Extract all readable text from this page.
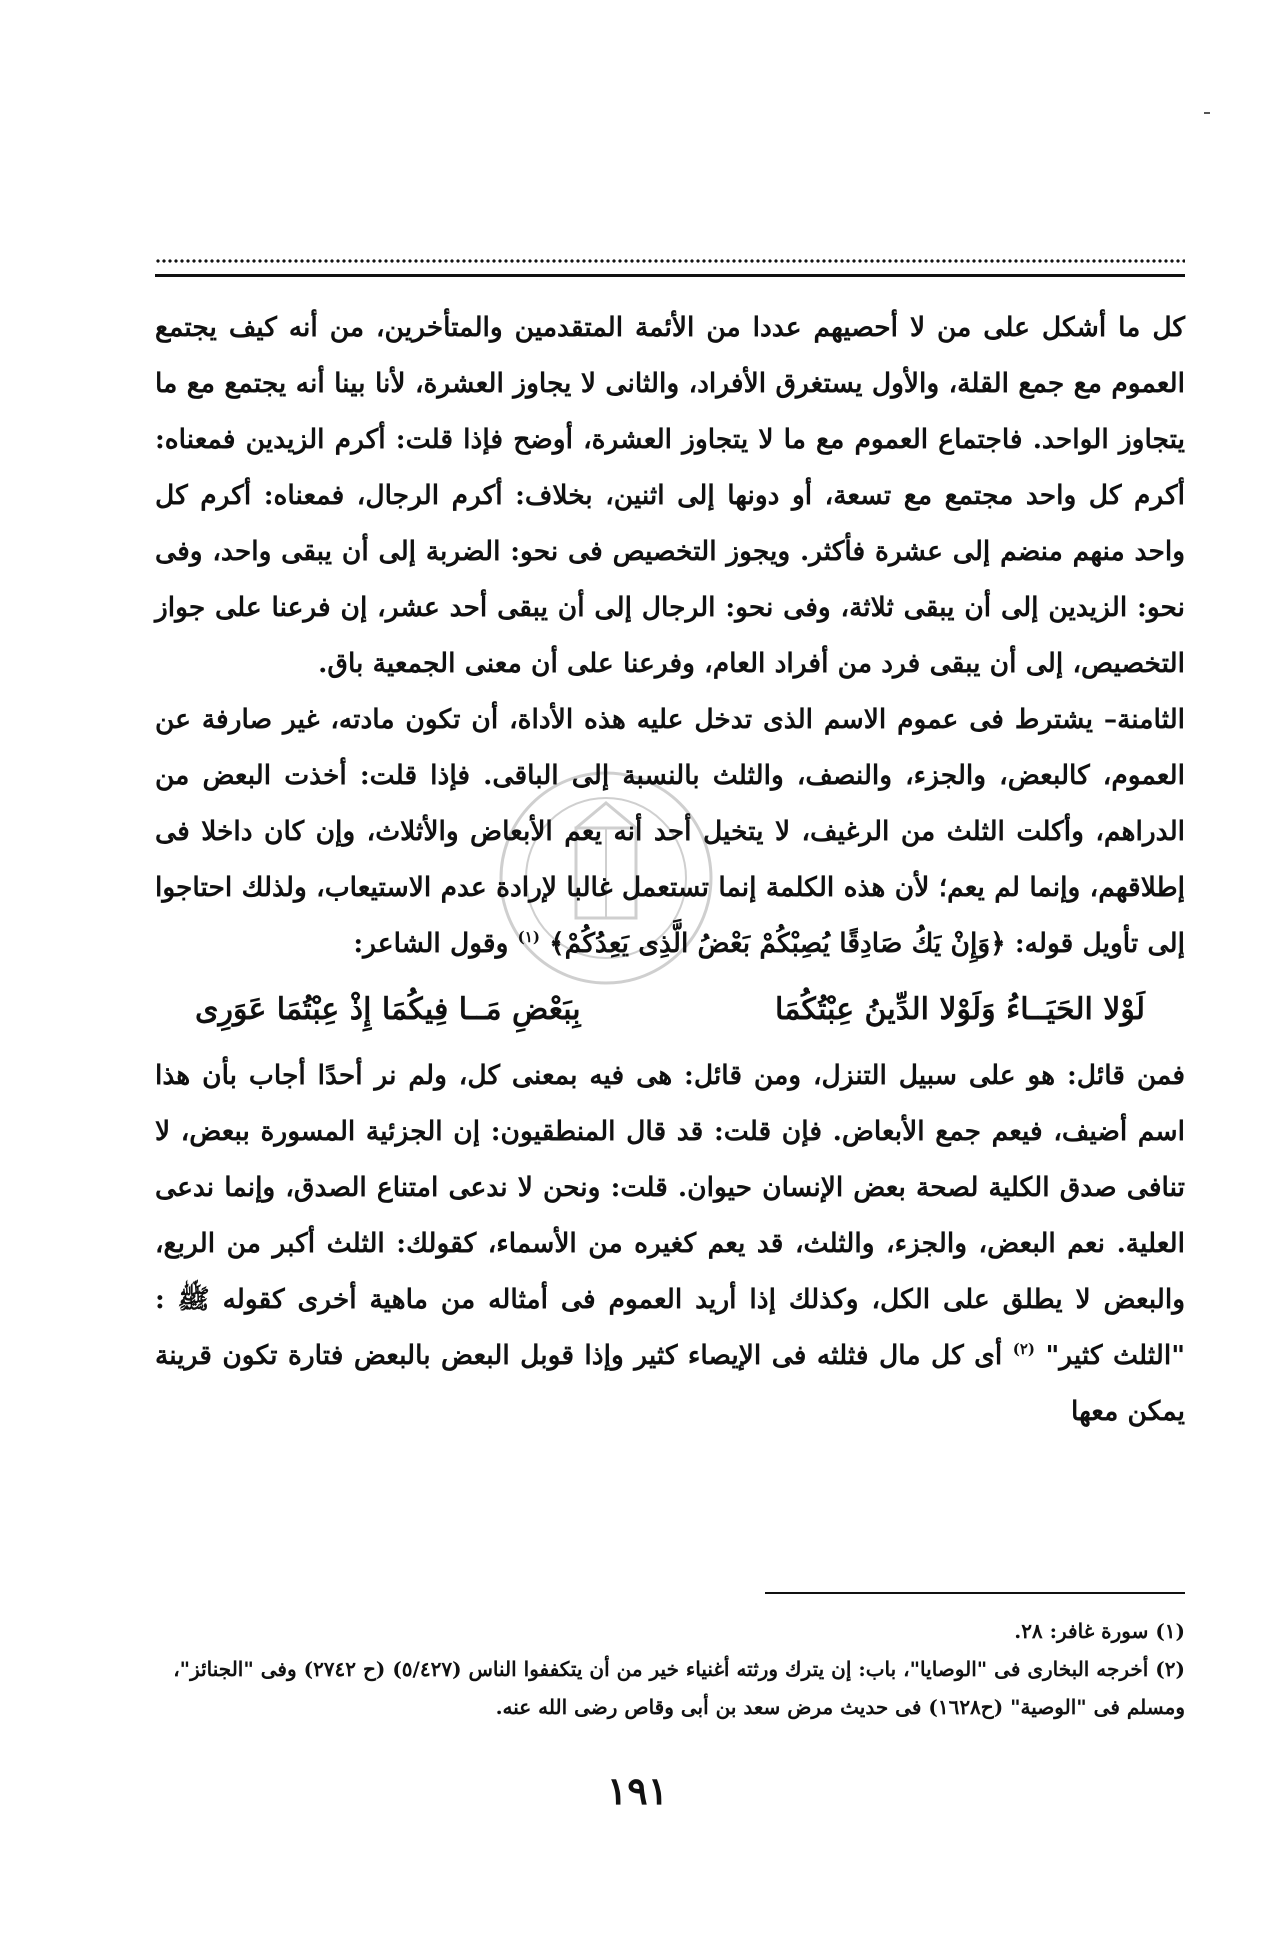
كل ما أشكل على من لا أحصيهم عددا من الأئمة المتقدمين والمتأخرين، من أنه كيف يجتمع العموم مع جمع القلة، والأول يستغرق الأفراد، والثانى لا يجاوز العشرة، لأنا بينا أنه يجتمع مع ما يتجاوز الواحد. فاجتماع العموم مع ما لا يتجاوز العشرة، أوضح فإذا قلت: أكرم الزيدين فمعناه: أكرم كل واحد مجتمع مع تسعة، أو دونها إلى اثنين، بخلاف: أكرم الرجال، فمعناه: أكرم كل واحد منهم منضم إلى عشرة فأكثر. ويجوز التخصيص فى نحو: الضربة إلى أن يبقى واحد، وفى نحو: الزيدين إلى أن يبقى ثلاثة، وفى نحو: الرجال إلى أن يبقى أحد عشر، إن فرعنا على جواز التخصيص، إلى أن يبقى فرد من أفراد العام، وفرعنا على أن معنى الجمعية باق.

الثامنة– يشترط فى عموم الاسم الذى تدخل عليه هذه الأداة، أن تكون مادته، غير صارفة عن العموم، كالبعض، والجزء، والنصف، والثلث بالنسبة إلى الباقى. فإذا قلت: أخذت البعض من الدراهم، وأكلت الثلث من الرغيف، لا يتخيل أحد أنه يعم الأبعاض والأثلاث، وإن كان داخلا فى إطلاقهم، وإنما لم يعم؛ لأن هذه الكلمة إنما تستعمل غالبا لإرادة عدم الاستيعاب، ولذلك احتاجوا إلى تأويل قوله: ﴿وَإِنْ يَكُ صَادِقًا يُصِبْكُمْ بَعْضُ الَّذِى يَعِدُكُمْ﴾ $^{(١)}$ وقول الشاعر:

لَوْلا الحَيَــاءُ وَلَوْلا الدِّينُ عِبْتُكُمَا
بِبَعْضِ مَــا فِيكُمَا إِذْ عِبْتُمَا عَوَرِى

فمن قائل: هو على سبيل التنزل، ومن قائل: هى فيه بمعنى كل، ولم نر أحدًا أجاب بأن هذا اسم أضيف، فيعم جمع الأبعاض. فإن قلت: قد قال المنطقيون: إن الجزئية المسورة ببعض، لا تنافى صدق الكلية لصحة بعض الإنسان حيوان. قلت: ونحن لا ندعى امتناع الصدق، وإنما ندعى العلية. نعم البعض، والجزء، والثلث، قد يعم كغيره من الأسماء، كقولك: الثلث أكبر من الربع، والبعض لا يطلق على الكل، وكذلك إذا أريد العموم فى أمثاله من ماهية أخرى كقوله ﷺ : "الثلث كثير" $^{(٢)}$ أى كل مال فثلثه فى الإيصاء كثير وإذا قوبل البعض بالبعض فتارة تكون قرينة يمكن معها

(١) سورة غافر: ٢٨.

(٢) أخرجه البخارى فى "الوصايا"، باب: إن يترك ورثته أغنياء خير من أن يتكففوا الناس (٥/٤٢٧) (ح ٢٧٤٢) وفى "الجنائز"، ومسلم فى "الوصية" (ح١٦٢٨) فى حديث مرض سعد بن أبى وقاص رضى الله عنه.

١٩١
